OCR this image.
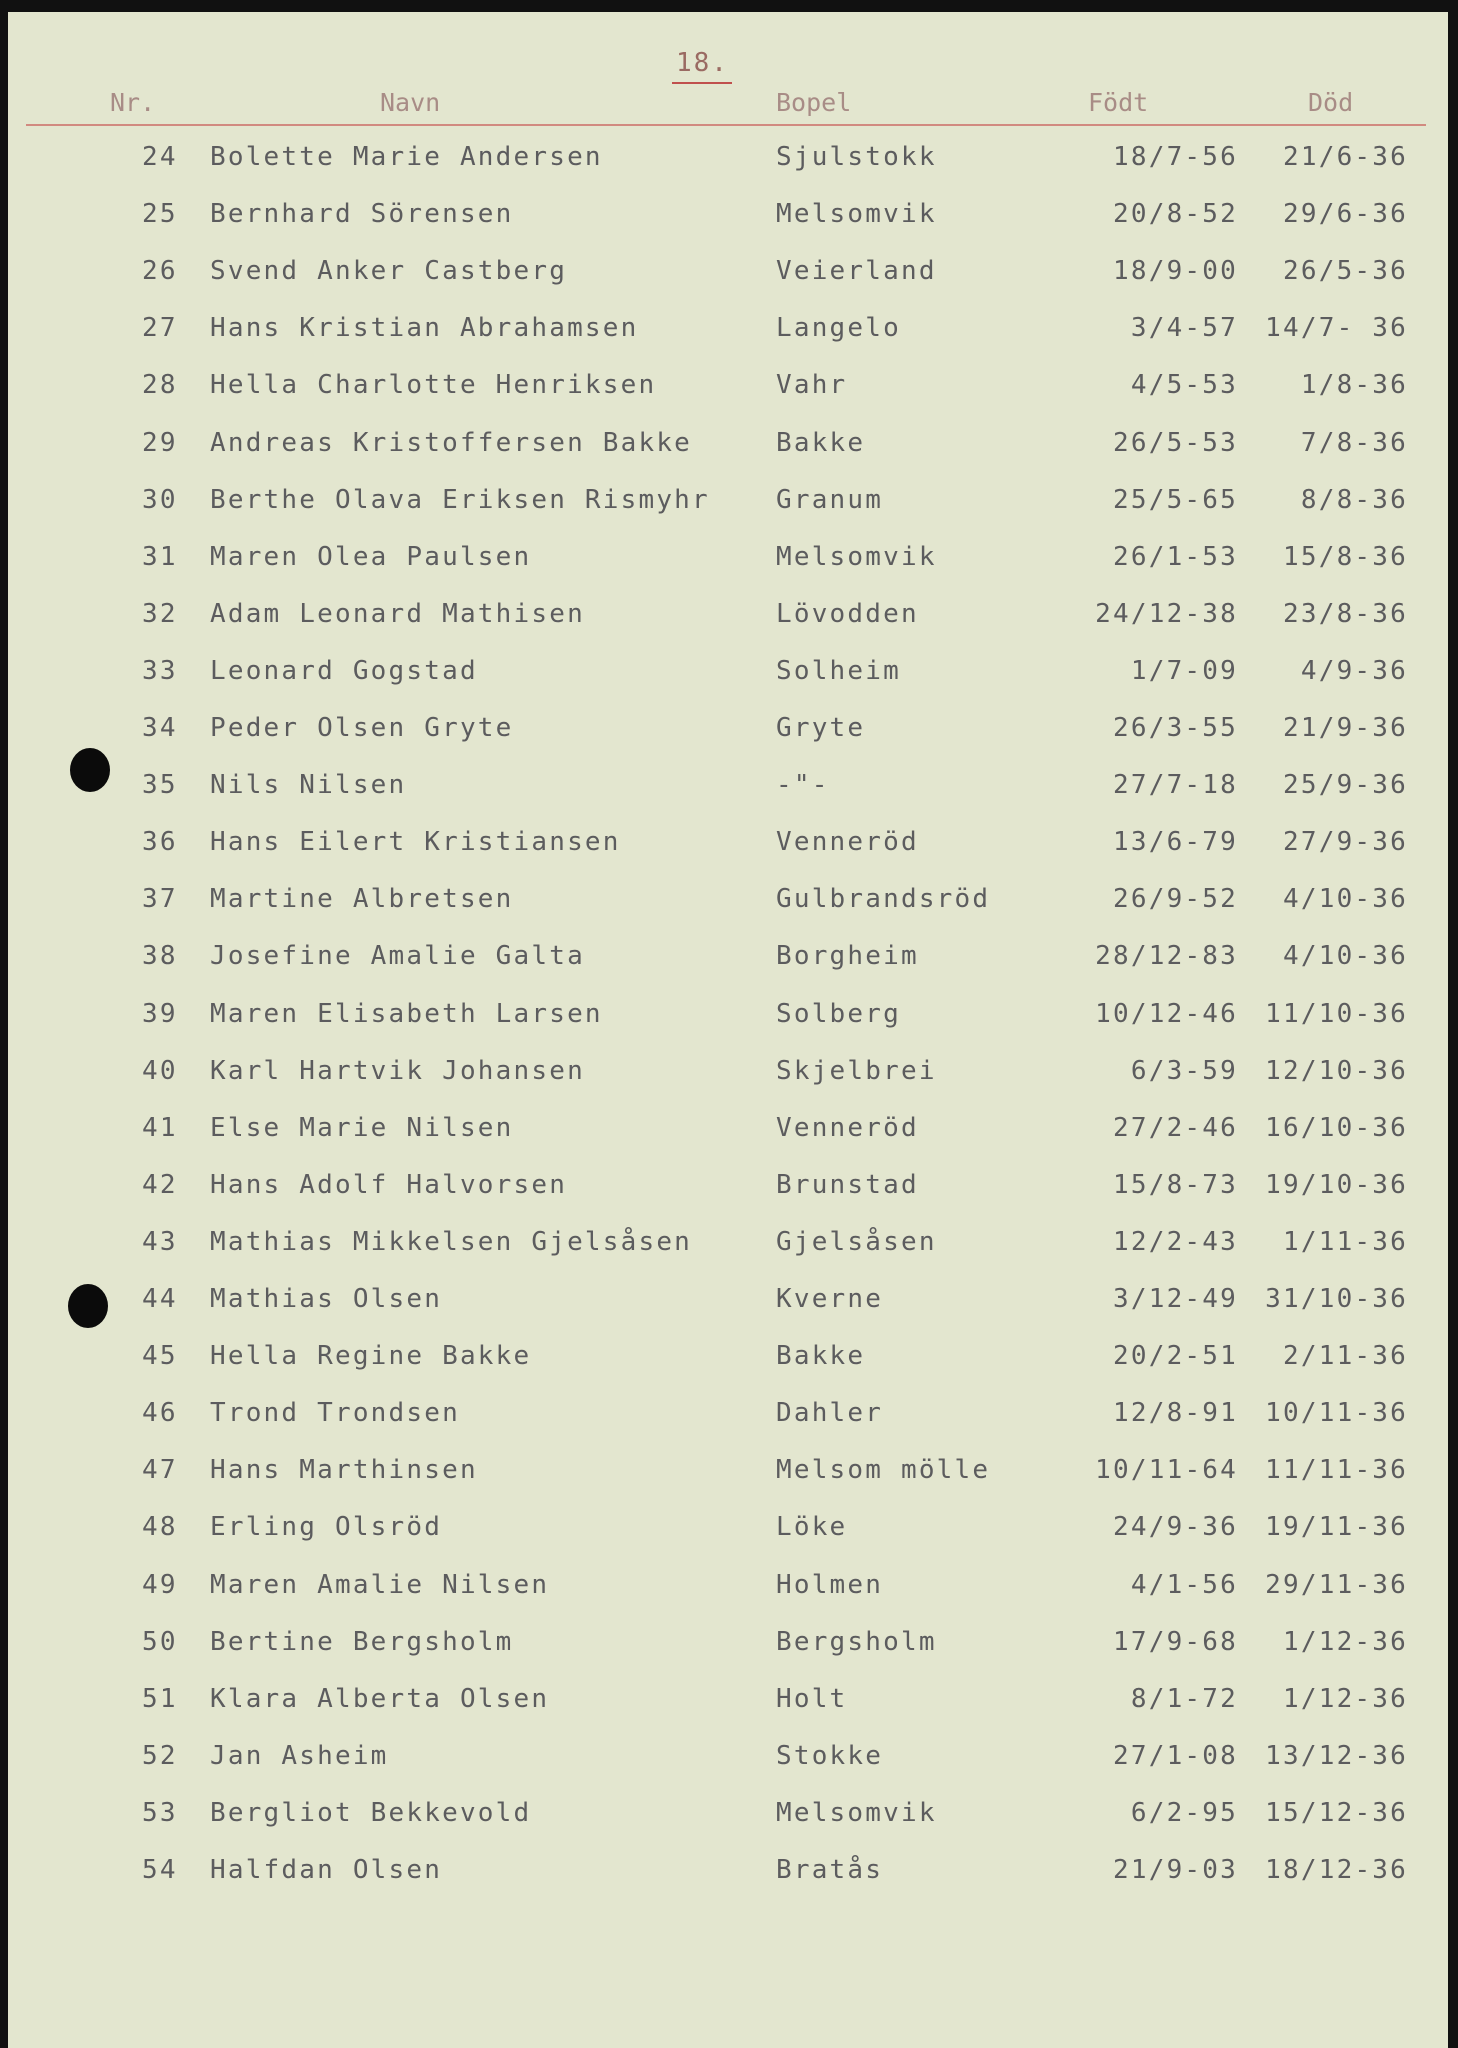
18.
Nr.	Navn	Bopel	Födt	Död
24 Bolette Marie Andersen	Sjulstokk	18/7-56	21/6-36
25 Bernhard Sörensen	Melsomvik	20/8-52	29/6-36
26 Svend Anker Castberg	Veierland	18/9-00	26/5-36
27 Hans Kristian Abrahamsen	Langelo	3/4-57	14/7- 36
28 Hella Charlotte Henriksen	Vahr	4/5-53	1/8-36
29 Andreas Kristoffersen Bakke	Bakke	26/5-53	7/8-36
30 Berthe Olava Eriksen Rismyhr	Granum	25/5-65	8/8-36
31 Maren Olea Paulsen	Melsomvik	26/1-53	15/8-36
32 Adam Leonard Mathisen	Lövodden	24/12-38	23/8-36
33 Leonard Gogstad	Solheim	1/7-09	4/9-36
34 Peder Olsen Gryte	Gryte	26/3-55	21/9-36
35 Nils Nilsen	-"-	27/7-18	25/9-36
36 Hans Eilert Kristiansen	Venneröd	13/6-79	27/9-36
37 Martine Albretsen	Gulbrandsröd	26/9-52	4/10-36
38 Josefine Amalie Galta	Borgheim	28/12-83	4/10-36
39 Maren Elisabeth Larsen	Solberg	10/12-46	11/10-36
40 Karl Hartvik Johansen	Skjelbrei	6/3-59	12/10-36
41 Else Marie Nilsen	Venneröd	27/2-46	16/10-36
42 Hans Adolf Halvorsen	Brunstad	15/8-73	19/10-36
43 Mathias Mikkelsen Gjelsåsen	Gjelsåsen	12/2-43	1/11-36
44 Mathias Olsen	Kverne	3/12-49	31/10-36
45 Hella Regine Bakke	Bakke	20/2-51	2/11-36
46 Trond Trondsen	Dahler	12/8-91	10/11-36
47 Hans Marthinsen	Melsom mölle	10/11-64	11/11-36
48 Erling Olsröd	Löke	24/9-36	19/11-36
49 Maren Amalie Nilsen	Holmen	4/1-56	29/11-36
50 Bertine Bergsholm	Bergsholm	17/9-68	1/12-36
51 Klara Alberta Olsen	Holt	8/1-72	1/12-36
52 Jan Asheim	Stokke	27/1-08	13/12-36
53 Bergliot Bekkevold	Melsomvik	6/2-95	15/12-36
54 Halfdan Olsen	Bratås	21/9-03	18/12-36
